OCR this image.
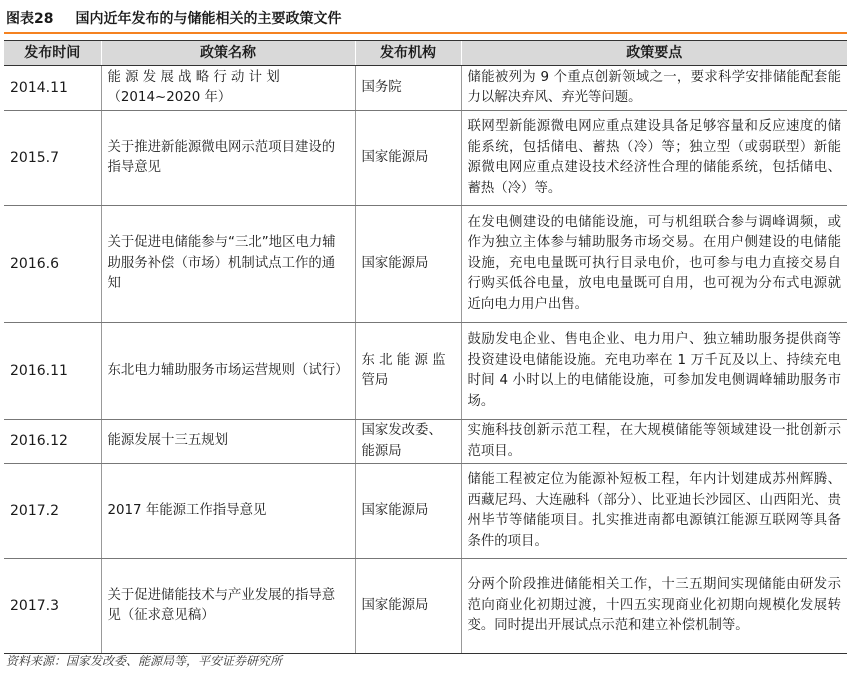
图表28 国内近年发布的与储能相关的主要政策文件
发布时间	政策名称	发布机构	政策要点
2014.11	能 源 发 展 战 略 行 动 计 划（2014~2020 年）	国务院	储能被列为 9 个重点创新领域之一，要求科学安排储能配套能力以解决弃风、弃光等问题。
2015.7	关于推进新能源微电网示范项目建设的指导意见	国家能源局	联网型新能源微电网应重点建设具备足够容量和反应速度的储能系统，包括储电、蓄热（冷）等；独立型（或弱联型）新能源微电网应重点建设技术经济性合理的储能系统，包括储电、蓄热（冷）等。
2016.6	关于促进电储能参与“三北”地区电力辅助服务补偿（市场）机制试点工作的通知	国家能源局	在发电侧建设的电储能设施，可与机组联合参与调峰调频，或作为独立主体参与辅助服务市场交易。在用户侧建设的电储能设施，充电电量既可执行目录电价，也可参与电力直接交易自行购买低谷电量，放电电量既可自用，也可视为分布式电源就近向电力用户出售。
2016.11	东北电力辅助服务市场运营规则（试行）	东 北 能 源 监 管局	鼓励发电企业、售电企业、电力用户、独立辅助服务提供商等投资建设电储能设施。充电功率在 1 万千瓦及以上、持续充电时间 4 小时以上的电储能设施，可参加发电侧调峰辅助服务市场。
2016.12	能源发展十三五规划	国家发改委、能源局	实施科技创新示范工程，在大规模储能等领域建设一批创新示范项目。
2017.2	2017 年能源工作指导意见	国家能源局	储能工程被定位为能源补短板工程，年内计划建成苏州辉腾、西藏尼玛、大连融科（部分）、比亚迪长沙园区、山西阳光、贵州毕节等储能项目。扎实推进南都电源镇江能源互联网等具备条件的项目。
2017.3	关于促进储能技术与产业发展的指导意见（征求意见稿）	国家能源局	分两个阶段推进储能相关工作，十三五期间实现储能由研发示范向商业化初期过渡，十四五实现商业化初期向规模化发展转变。同时提出开展试点示范和建立补偿机制等。
资料来源：国家发改委、能源局等，平安证券研究所
